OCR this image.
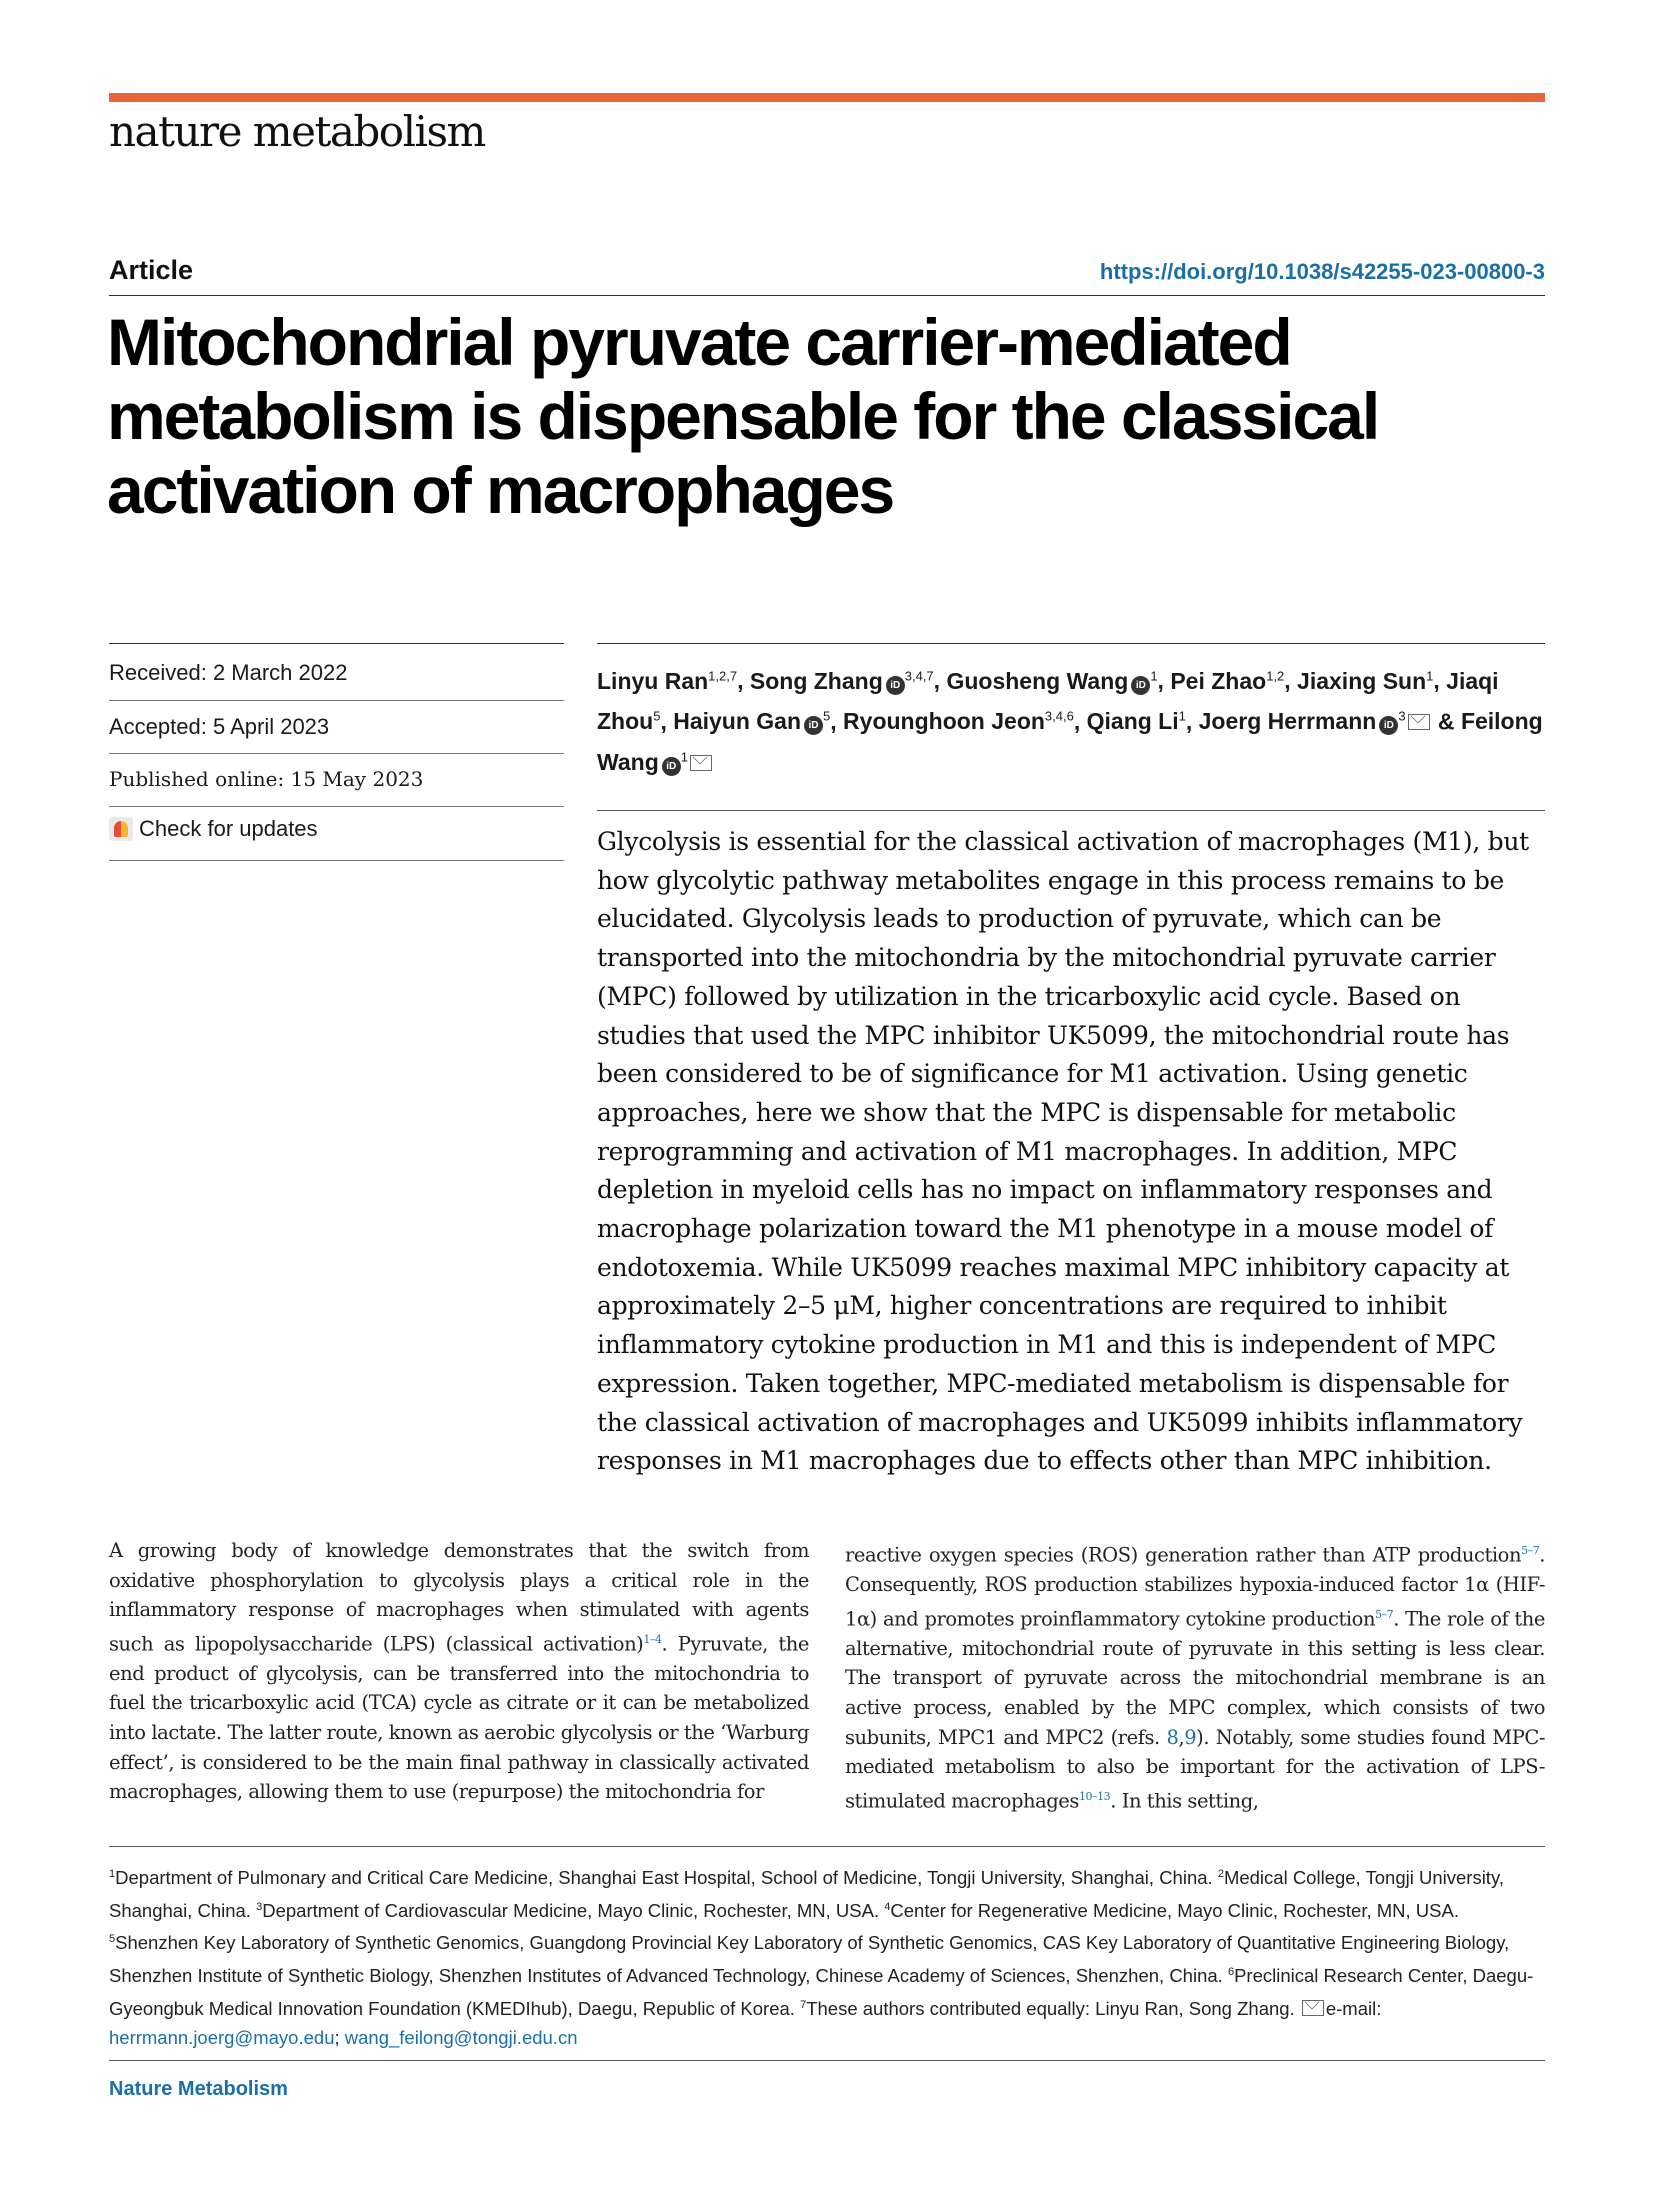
nature metabolism
Article	https://doi.org/10.1038/s42255-023-00800-3
Mitochondrial pyruvate carrier-mediated metabolism is dispensable for the classical activation of macrophages
Received: 2 March 2022
Accepted: 5 April 2023
Published online: 15 May 2023
Check for updates
Linyu Ran$^{1,2,7}$, Song Zhang iD$^{3,4,7}$, Guosheng Wang $iD^1$, Pei Zhao$^{1,2}$, Jiaxing Sun$^1$, Jiaqi Zhou$^5$, Haiyun Gan $iD^5$, Ryounghoon Jeon$^{3,4,6}$, Qiang Li$^1$, Joerg Herrmann $iD^3$ & Feilong Wang $iD^1$

Glycolysis is essential for the classical activation of macrophages (M1), but how glycolytic pathway metabolites engage in this process remains to be elucidated. Glycolysis leads to production of pyruvate, which can be transported into the mitochondria by the mitochondrial pyruvate carrier (MPC) followed by utilization in the tricarboxylic acid cycle. Based on studies that used the MPC inhibitor UK5099, the mitochondrial route has been considered to be of significance for M1 activation. Using genetic approaches, here we show that the MPC is dispensable for metabolic reprogramming and activation of M1 macrophages. In addition, MPC depletion in myeloid cells has no impact on inflammatory responses and macrophage polarization toward the M1 phenotype in a mouse model of endotoxemia. While UK5099 reaches maximal MPC inhibitory capacity at approximately 2–5 μM, higher concentrations are required to inhibit inflammatory cytokine production in M1 and this is independent of MPC expression. Taken together, MPC-mediated metabolism is dispensable for the classical activation of macrophages and UK5099 inhibits inflammatory responses in M1 macrophages due to effects other than MPC inhibition.

A growing body of knowledge demonstrates that the switch from oxidative phosphorylation to glycolysis plays a critical role in the inflammatory response of macrophages when stimulated with agents such as lipopolysaccharide (LPS) (classical activation)$^{1-4}$. Pyruvate, the end product of glycolysis, can be transferred into the mitochondria to fuel the tricarboxylic acid (TCA) cycle as citrate or it can be metabolized into lactate. The latter route, known as aerobic glycolysis or the ‘Warburg effect’, is considered to be the main final pathway in classically activated macrophages, allowing them to use (repurpose) the mitochondria for

reactive oxygen species (ROS) generation rather than ATP production$^{5-7}$. Consequently, ROS production stabilizes hypoxia-induced factor 1α (HIF-1α) and promotes proinflammatory cytokine production$^{5-7}$. The role of the alternative, mitochondrial route of pyruvate in this setting is less clear. The transport of pyruvate across the mitochondrial membrane is an active process, enabled by the MPC complex, which consists of two subunits, MPC1 and MPC2 (refs. 8,9). Notably, some studies found MPC-mediated metabolism to also be important for the activation of LPS-stimulated macrophages$^{10-13}$. In this setting,

$^1$Department of Pulmonary and Critical Care Medicine, Shanghai East Hospital, School of Medicine, Tongji University, Shanghai, China. $^2$Medical College, Tongji University, Shanghai, China. $^3$Department of Cardiovascular Medicine, Mayo Clinic, Rochester, MN, USA. $^4$Center for Regenerative Medicine, Mayo Clinic, Rochester, MN, USA. $^5$Shenzhen Key Laboratory of Synthetic Genomics, Guangdong Provincial Key Laboratory of Synthetic Genomics, CAS Key Laboratory of Quantitative Engineering Biology, Shenzhen Institute of Synthetic Biology, Shenzhen Institutes of Advanced Technology, Chinese Academy of Sciences, Shenzhen, China. $^6$Preclinical Research Center, Daegu-Gyeongbuk Medical Innovation Foundation (KMEDIhub), Daegu, Republic of Korea. $^7$These authors contributed equally: Linyu Ran, Song Zhang. e-mail: herrmann.joerg@mayo.edu; wang_feilong@tongji.edu.cn

Nature Metabolism
